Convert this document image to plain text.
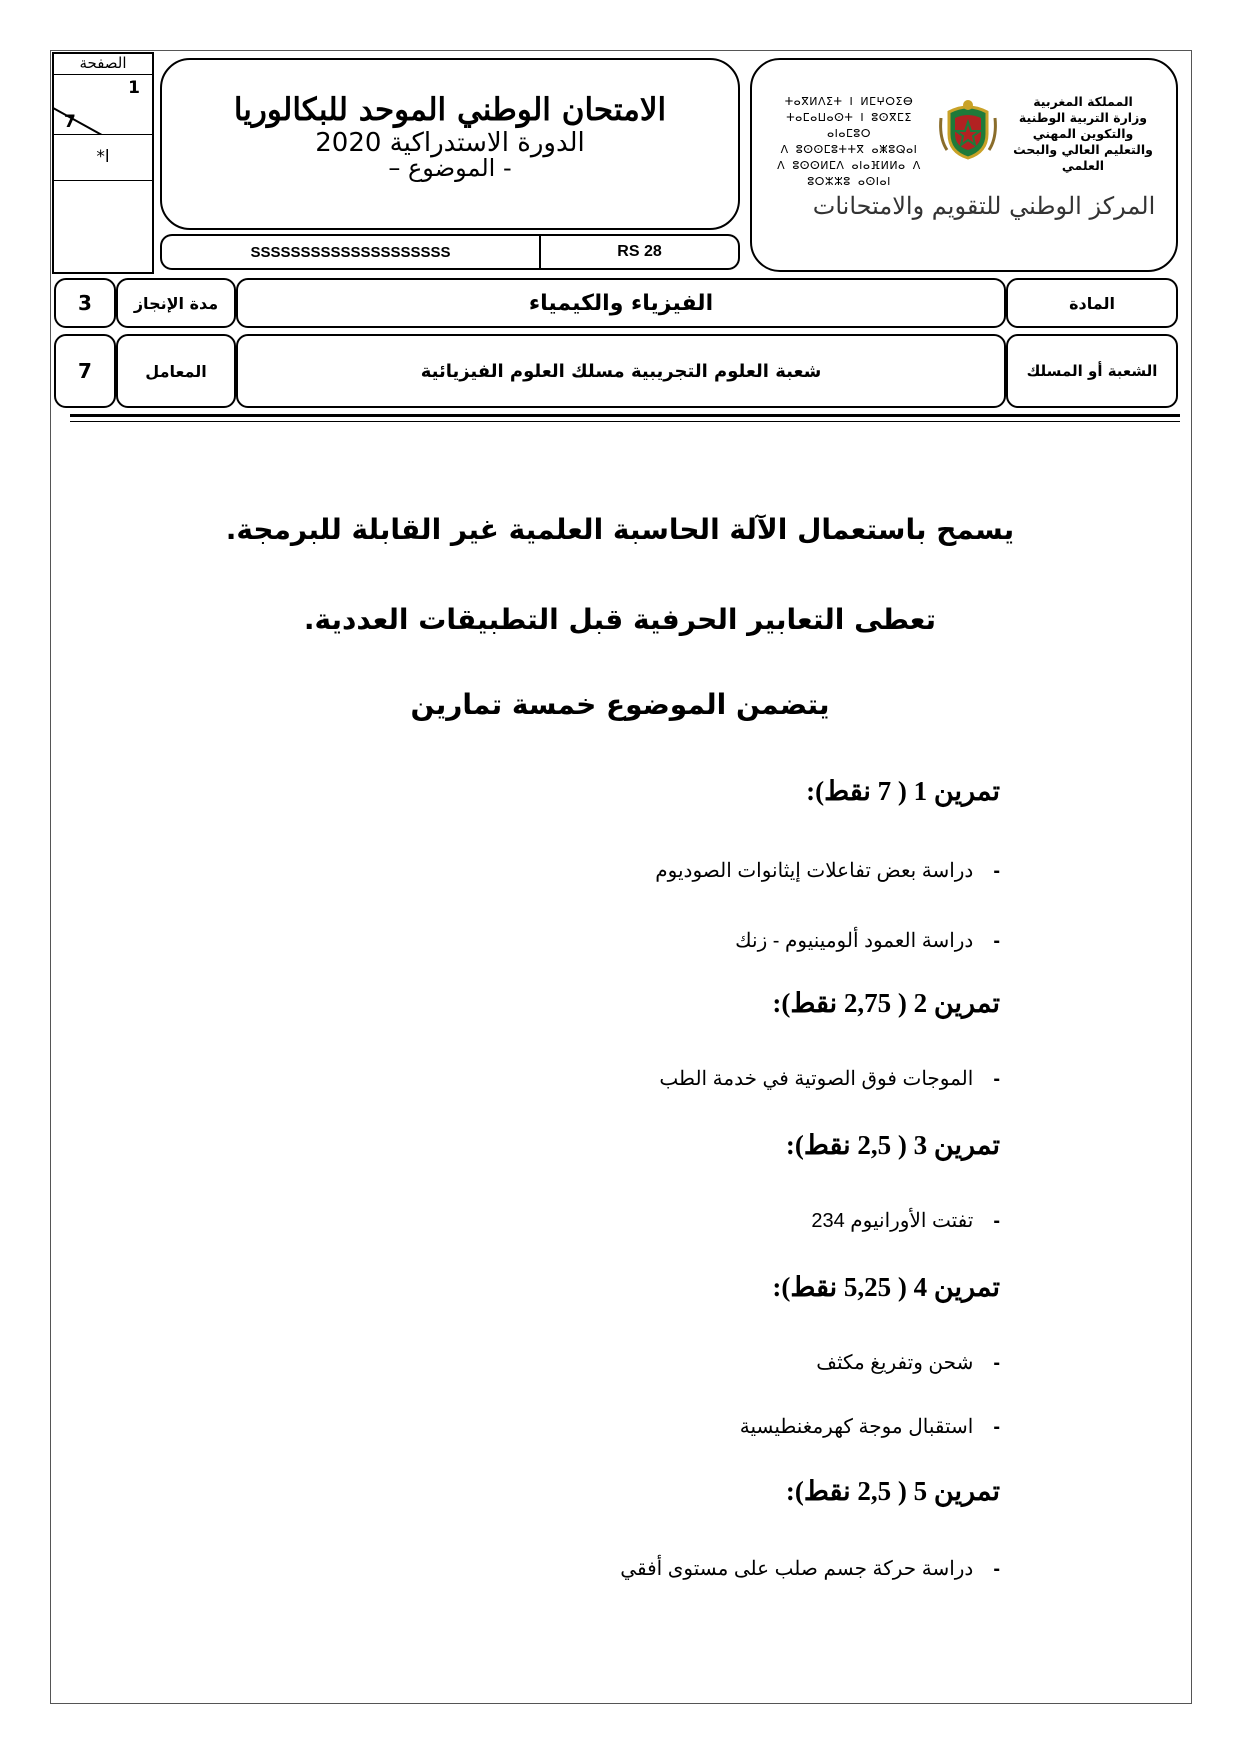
الصفحة
1
7
*ا
الامتحان الوطني الموحد للبكالوريا
الدورة الاستدراكية 2020
- الموضوع –
SSSSSSSSSSSSSSSSSSSS	RS 28
ⵜⴰⴳⵍⴷⵉⵜ ⵏ ⵍⵎⵖⵔⵉⴱ
ⵜⴰⵎⴰⵡⴰⵙⵜ ⵏ ⵓⵙⴳⵎⵉ ⴰⵏⴰⵎⵓⵔ
ⴷ ⵓⵙⵙⵎⵓⵜⵜⴳ ⴰⵥⵓⵕⴰⵏ
ⴷ ⵓⵙⵙⵍⵎⴷ ⴰⵏⴰⴼⵍⵍⴰ ⴷ ⵓⵔⵣⵣⵓ ⴰⵙⵏⴰⵏ
المملكة المغربية
وزارة التربية الوطنية
والتكوين المهني
والتعليم العالي والبحث العلمي
المركز الوطني للتقويم والامتحانات
3	مدة الإنجاز	الفيزياء والكيمياء	المادة
7	المعامل	شعبة العلوم التجريبية مسلك العلوم الفيزيائية	الشعبة أو المسلك
يسمح باستعمال الآلة الحاسبة العلمية غير القابلة للبرمجة.
تعطى التعابير الحرفية قبل التطبيقات العددية.
يتضمن الموضوع خمسة تمارين
تمرين 1 ( 7 نقط):
-دراسة بعض تفاعلات إيثانوات الصوديوم
-دراسة العمود ألومينيوم - زنك
تمرين 2 ( 2,75 نقط):
-الموجات فوق الصوتية في خدمة الطب
تمرين 3 ( 2,5 نقط):
-تفتت الأورانيوم 234
تمرين 4 ( 5,25 نقط):
-شحن وتفريغ مكثف
-استقبال موجة كهرمغنطيسية
تمرين 5 ( 2,5 نقط):
-دراسة حركة جسم صلب على مستوى أفقي
